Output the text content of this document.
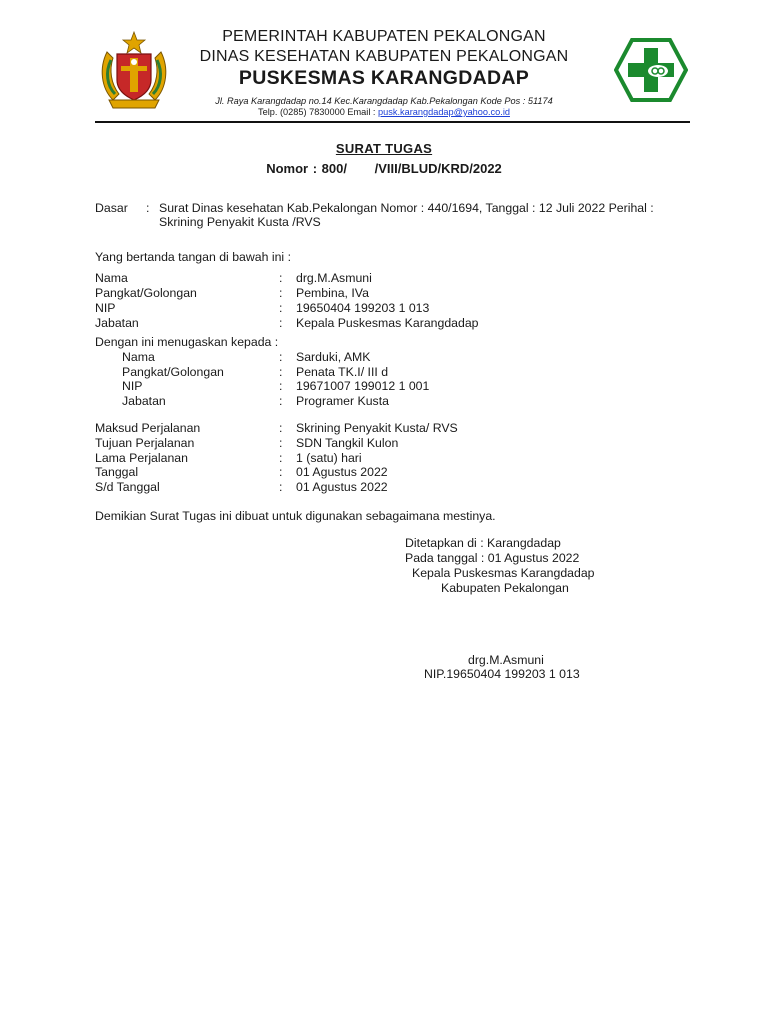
PEMERINTAH KABUPATEN PEKALONGAN
DINAS KESEHATAN KABUPATEN PEKALONGAN
PUSKESMAS KARANGDADAP
Jl. Raya Karangdadap no.14 Kec.Karangdadap Kab.Pekalongan Kode Pos : 51174
Telp. (0285) 7830000 Email : pusk.karangdadap@yahoo.co.id
SURAT TUGAS
Nomor : 800/      /VIII/BLUD/KRD/2022
Dasar : Surat Dinas kesehatan Kab.Pekalongan Nomor : 440/1694, Tanggal : 12 Juli 2022 Perihal :
Skrining Penyakit Kusta /RVS
Yang bertanda tangan di bawah ini :
Nama	: drg.M.Asmuni
Pangkat/Golongan	: Pembina, IVa
NIP	: 19650404 199203 1 013
Jabatan	: Kepala Puskesmas Karangdadap
Dengan ini menugaskan kepada :
Nama	: Sarduki, AMK
Pangkat/Golongan	: Penata TK.I/ III d
NIP	: 19671007 199012 1 001
Jabatan	: Programer Kusta
Maksud Perjalanan	: Skrining Penyakit Kusta/ RVS
Tujuan Perjalanan	: SDN Tangkil Kulon
Lama Perjalanan	: 1 (satu) hari
Tanggal	: 01 Agustus 2022
S/d Tanggal	: 01 Agustus 2022
Demikian Surat Tugas ini dibuat untuk digunakan sebagaimana mestinya.
Ditetapkan di : Karangdadap
Pada tanggal : 01 Agustus 2022
Kepala Puskesmas Karangdadap
Kabupaten Pekalongan
drg.M.Asmuni
NIP.19650404 199203 1 013
